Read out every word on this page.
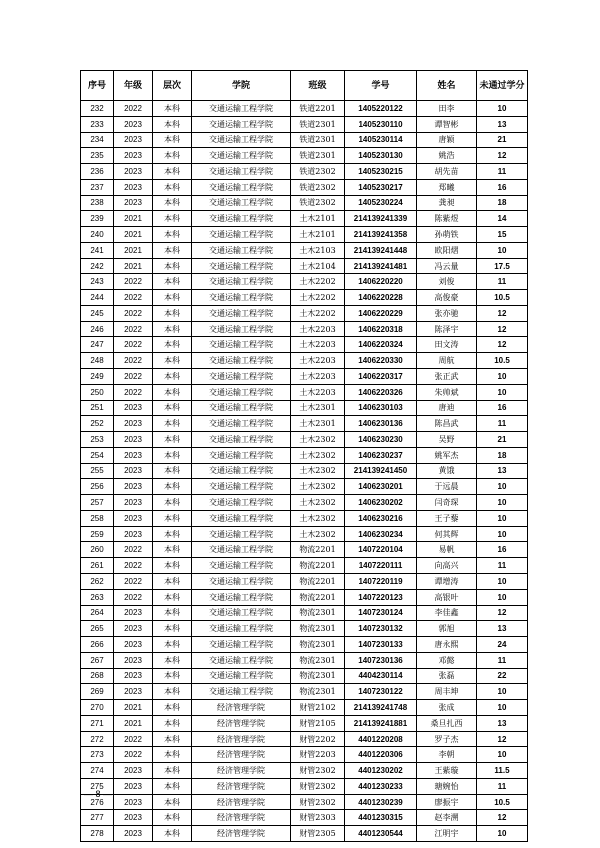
序号	年级	层次	学院	班级	学号	姓名	未通过学分
232	2022	本科	交通运输工程学院	铁道2201	1405220122	田李	10
233	2023	本科	交通运输工程学院	铁道2301	1405230110	谭智彬	13
234	2023	本科	交通运输工程学院	铁道2301	1405230114	唐颖	21
235	2023	本科	交通运输工程学院	铁道2301	1405230130	姚浩	12
236	2023	本科	交通运输工程学院	铁道2302	1405230215	胡先苗	11
237	2023	本科	交通运输工程学院	铁道2302	1405230217	郑曦	16
238	2023	本科	交通运输工程学院	铁道2302	1405230224	龚昶	18
239	2021	本科	交通运输工程学院	土木2101	214139241339	陈紫煜	14
240	2021	本科	交通运输工程学院	土木2101	214139241358	孙萌铁	15
241	2021	本科	交通运输工程学院	土木2103	214139241448	欧阳熠	10
242	2021	本科	交通运输工程学院	土木2104	214139241481	冯云量	17.5
243	2022	本科	交通运输工程学院	土木2202	1406220220	刘俊	11
244	2022	本科	交通运输工程学院	土木2202	1406220228	高俊豪	10.5
245	2022	本科	交通运输工程学院	土木2202	1406220229	张亦驰	12
246	2022	本科	交通运输工程学院	土木2203	1406220318	陈泽宇	12
247	2022	本科	交通运输工程学院	土木2203	1406220324	田文涛	12
248	2022	本科	交通运输工程学院	土木2203	1406220330	周航	10.5
249	2022	本科	交通运输工程学院	土木2203	1406220317	张正武	10
250	2022	本科	交通运输工程学院	土木2203	1406220326	朱帅斌	10
251	2023	本科	交通运输工程学院	土木2301	1406230103	唐迪	16
252	2023	本科	交通运输工程学院	土木2301	1406230136	陈昌武	11
253	2023	本科	交通运输工程学院	土木2302	1406230230	吴野	21
254	2023	本科	交通运输工程学院	土木2302	1406230237	姚军杰	18
255	2023	本科	交通运输工程学院	土木2302	214139241450	黄饿	13
256	2023	本科	交通运输工程学院	土木2302	1406230201	于远晨	10
257	2023	本科	交通运输工程学院	土木2302	1406230202	闫奇琛	10
258	2023	本科	交通运输工程学院	土木2302	1406230216	王子藜	10
259	2023	本科	交通运输工程学院	土木2302	1406230234	何其辉	10
260	2022	本科	交通运输工程学院	物流2201	1407220104	易帆	16
261	2022	本科	交通运输工程学院	物流2201	1407220111	向高兴	11
262	2022	本科	交通运输工程学院	物流2201	1407220119	谭增涛	10
263	2022	本科	交通运输工程学院	物流2201	1407220123	高银叶	10
264	2023	本科	交通运输工程学院	物流2301	1407230124	李佳鑫	12
265	2023	本科	交通运输工程学院	物流2301	1407230132	郭旭	13
266	2023	本科	交通运输工程学院	物流2301	1407230133	唐永熙	24
267	2023	本科	交通运输工程学院	物流2301	1407230136	邓懿	11
268	2023	本科	交通运输工程学院	物流2301	4404230114	张磊	22
269	2023	本科	交通运输工程学院	物流2301	1407230122	周丰坤	10
270	2021	本科	经济管理学院	财管2102	214139241748	张成	10
271	2021	本科	经济管理学院	财管2105	214139241881	桑旦扎西	13
272	2022	本科	经济管理学院	财管2202	4401220208	罗子杰	12
273	2022	本科	经济管理学院	财管2203	4401220306	李朝	10
274	2023	本科	经济管理学院	财管2302	4401230202	王紫璇	11.5
275	2023	本科	经济管理学院	财管2302	4401230233	瑭婉怡	11
276	2023	本科	经济管理学院	财管2302	4401230239	廖振宇	10.5
277	2023	本科	经济管理学院	财管2303	4401230315	赵李溯	12
278	2023	本科	经济管理学院	财管2305	4401230544	江明宇	10
— 8 —
